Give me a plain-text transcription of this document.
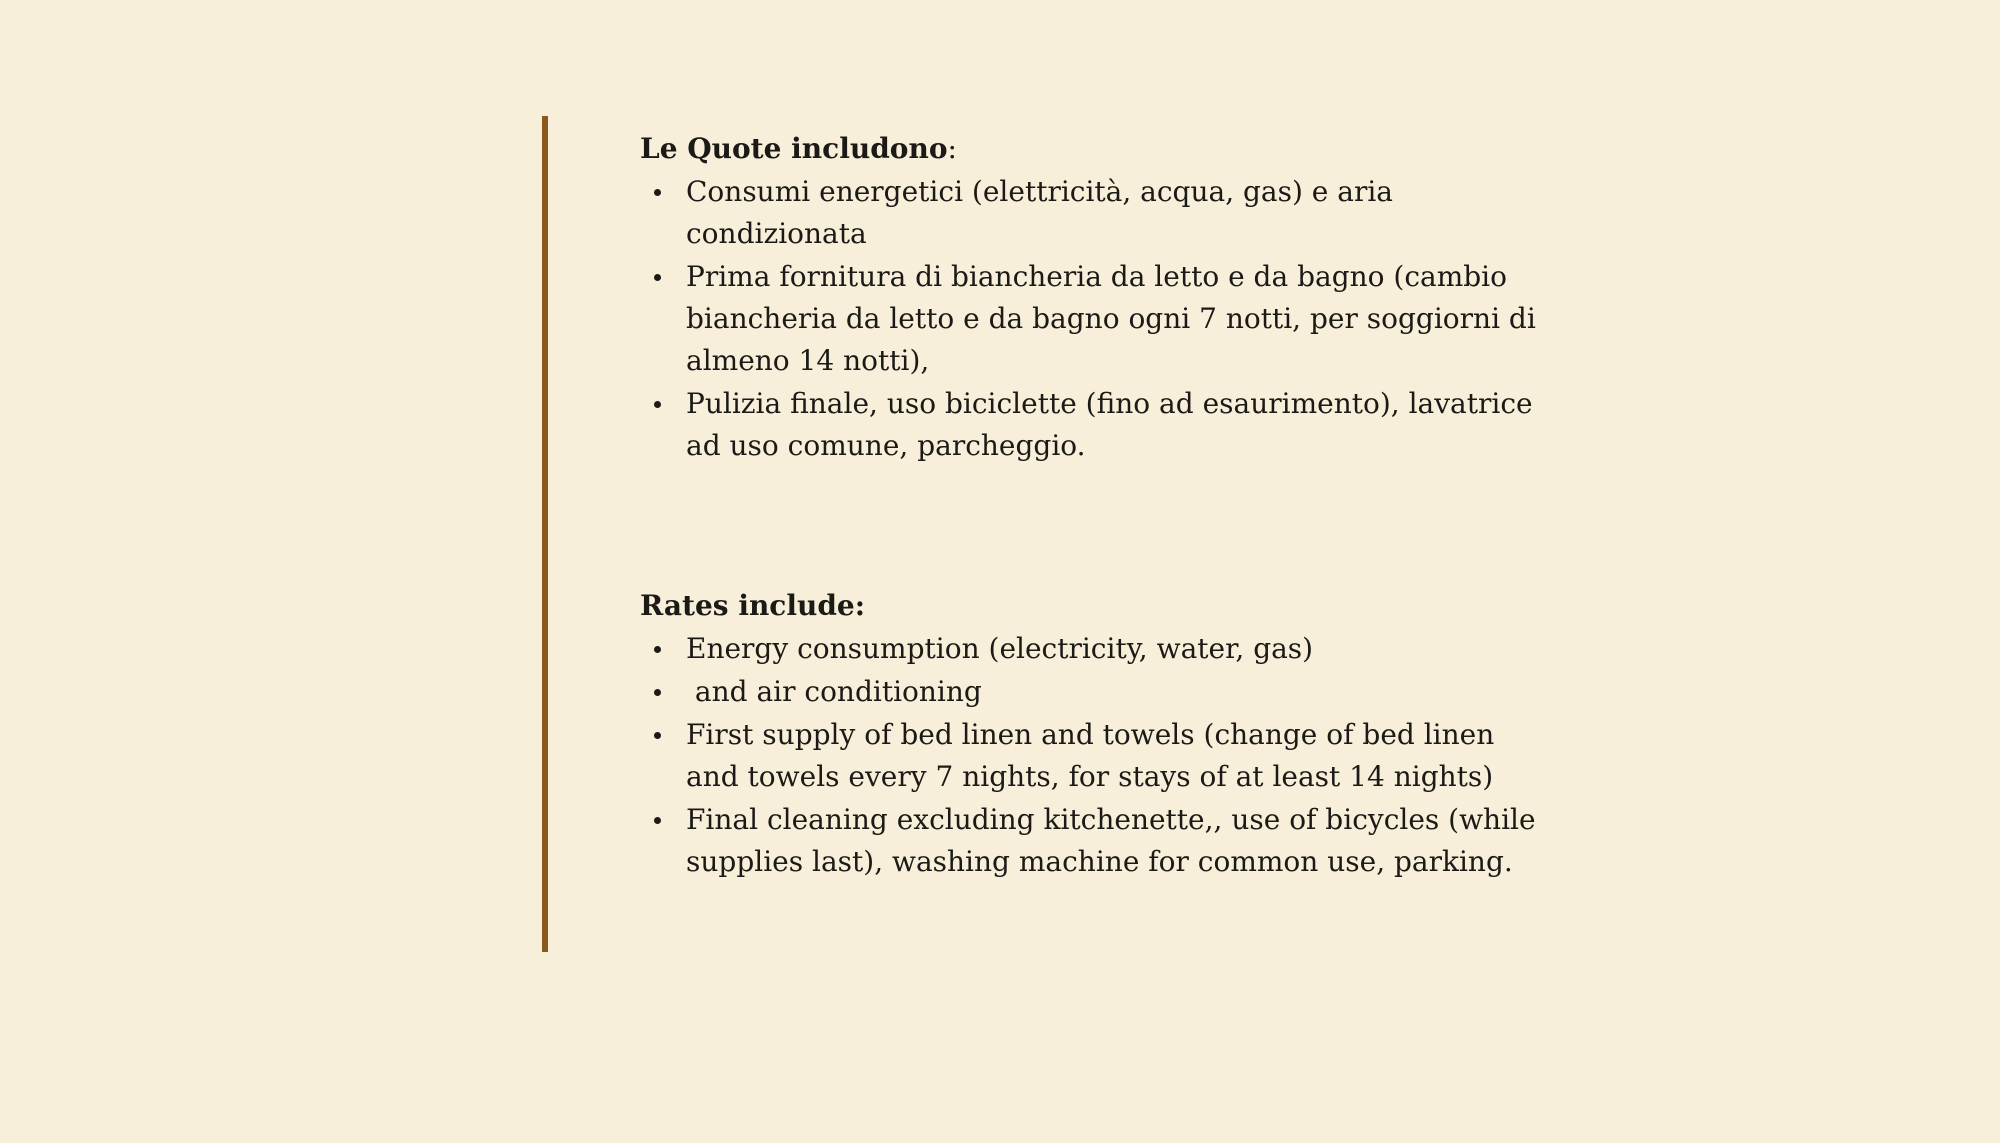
Le Quote includono:

Consumi energetici (elettricità, acqua, gas) e aria condizionata
Prima fornitura di biancheria da letto e da bagno (cambio biancheria da letto e da bagno ogni 7 notti, per soggiorni di almeno 14 notti),
Pulizia finale, uso biciclette (fino ad esaurimento), lavatrice ad uso comune, parcheggio.

Rates include:

Energy consumption (electricity, water, gas)
and air conditioning
First supply of bed linen and towels (change of bed linen and towels every 7 nights, for stays of at least 14 nights)
Final cleaning excluding kitchenette,, use of bicycles (while supplies last), washing machine for common use, parking.
